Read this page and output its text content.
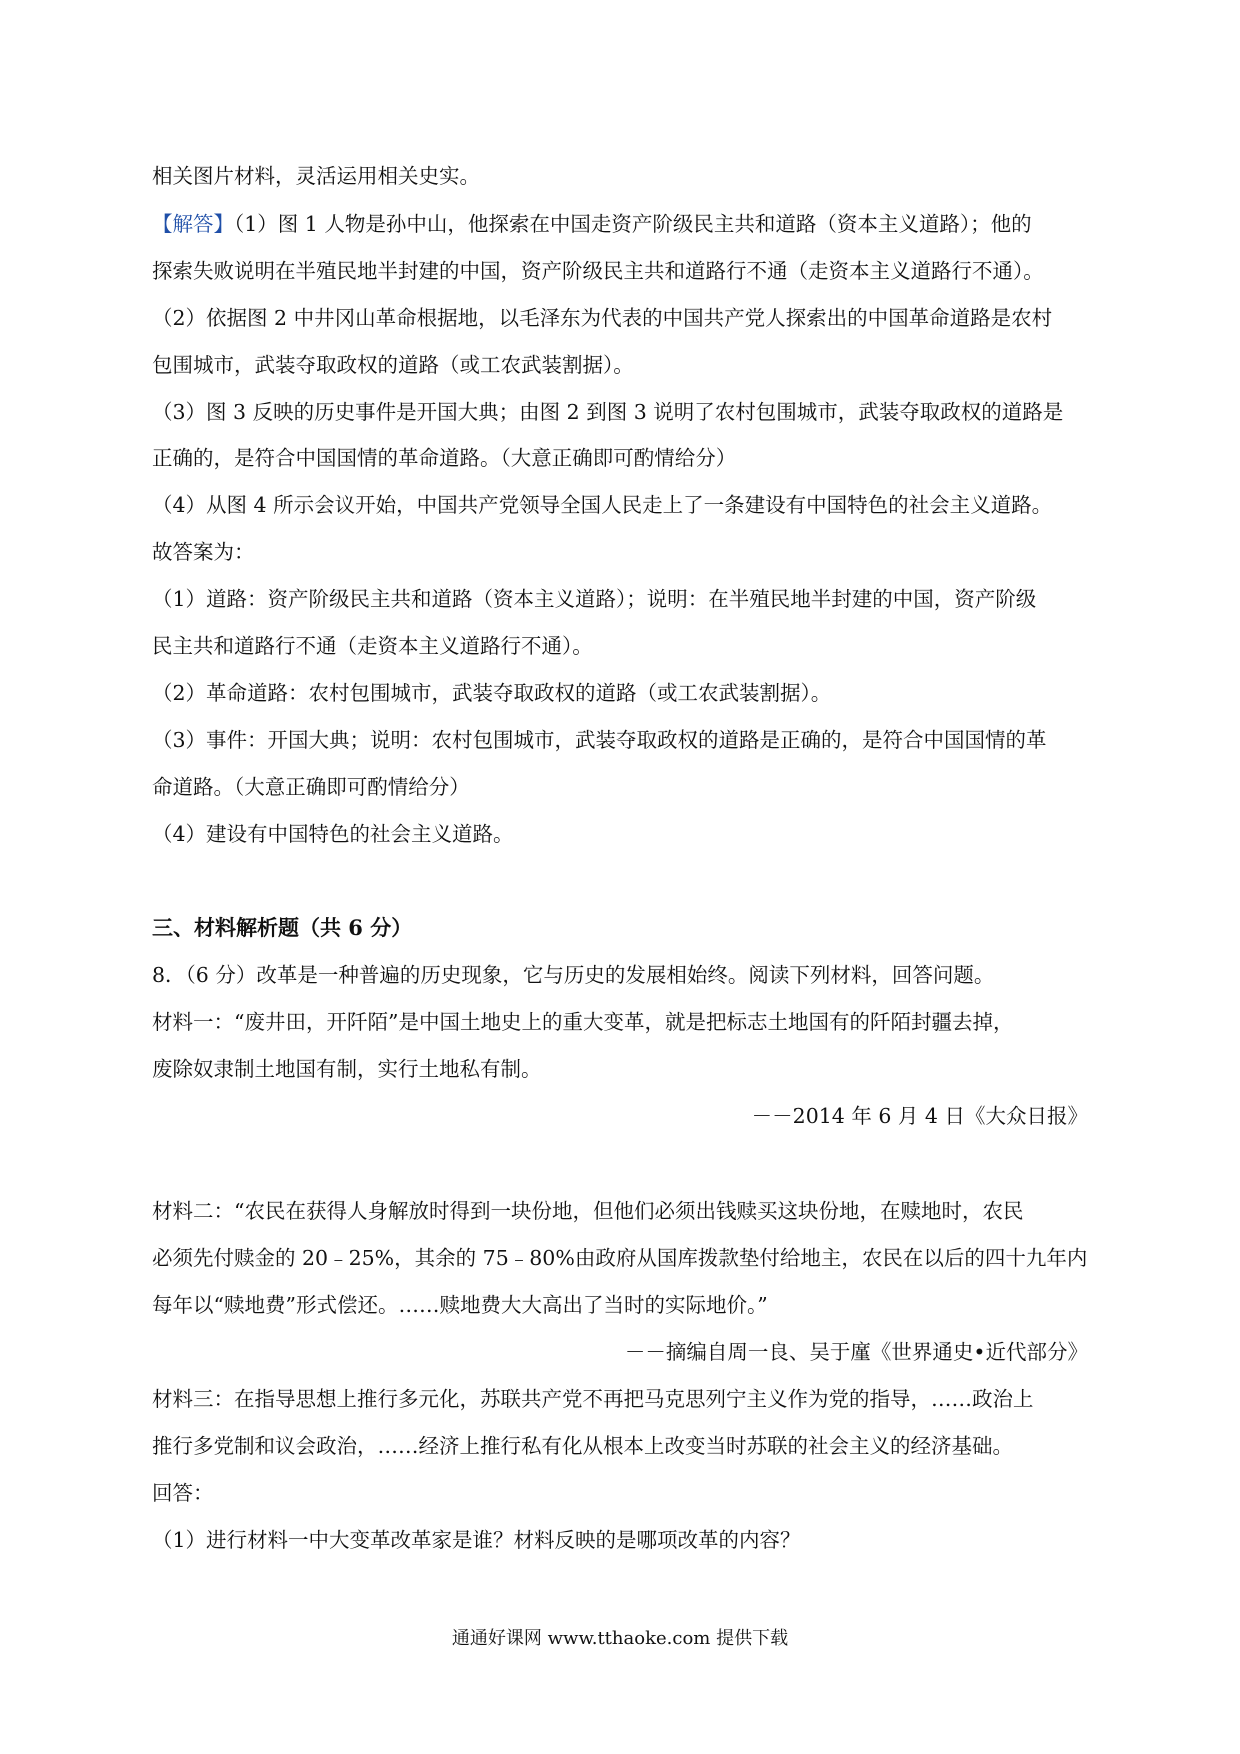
相关图片材料，灵活运用相关史实。
【解答】（1）图 1 人物是孙中山，他探索在中国走资产阶级民主共和道路（资本主义道路）；他的
探索失败说明在半殖民地半封建的中国，资产阶级民主共和道路行不通（走资本主义道路行不通）。
（2）依据图 2 中井冈山革命根据地，以毛泽东为代表的中国共产党人探索出的中国革命道路是农村
包围城市，武装夺取政权的道路（或工农武装割据）。
（3）图 3 反映的历史事件是开国大典；由图 2 到图 3 说明了农村包围城市，武装夺取政权的道路是
正确的，是符合中国国情的革命道路。（大意正确即可酌情给分）
（4）从图 4 所示会议开始，中国共产党领导全国人民走上了一条建设有中国特色的社会主义道路。
故答案为：
（1）道路：资产阶级民主共和道路（资本主义道路）；说明：在半殖民地半封建的中国，资产阶级
民主共和道路行不通（走资本主义道路行不通）。
（2）革命道路：农村包围城市，武装夺取政权的道路（或工农武装割据）。
（3）事件：开国大典；说明：农村包围城市，武装夺取政权的道路是正确的，是符合中国国情的革
命道路。（大意正确即可酌情给分）
（4）建设有中国特色的社会主义道路。
三、材料解析题（共 6 分）
8．（6 分）改革是一种普遍的历史现象，它与历史的发展相始终。阅读下列材料，回答问题。
材料一：“废井田，开阡陌”是中国土地史上的重大变革，就是把标志土地国有的阡陌封疆去掉，
废除奴隶制土地国有制，实行土地私有制。
－－2014 年 6 月 4 日《大众日报》
材料二：“农民在获得人身解放时得到一块份地，但他们必须出钱赎买这块份地，在赎地时，农民
必须先付赎金的 20﹣25%，其余的 75﹣80%由政府从国库拨款垫付给地主，农民在以后的四十九年内
每年以“赎地费”形式偿还。……赎地费大大高出了当时的实际地价。”
－－摘编自周一良、吴于廑《世界通史•近代部分》
材料三：在指导思想上推行多元化，苏联共产党不再把马克思列宁主义作为党的指导，……政治上
推行多党制和议会政治，……经济上推行私有化从根本上改变当时苏联的社会主义的经济基础。
回答：
（1）进行材料一中大变革改革家是谁？材料反映的是哪项改革的内容？
通通好课网 www.tthaoke.com 提供下载
